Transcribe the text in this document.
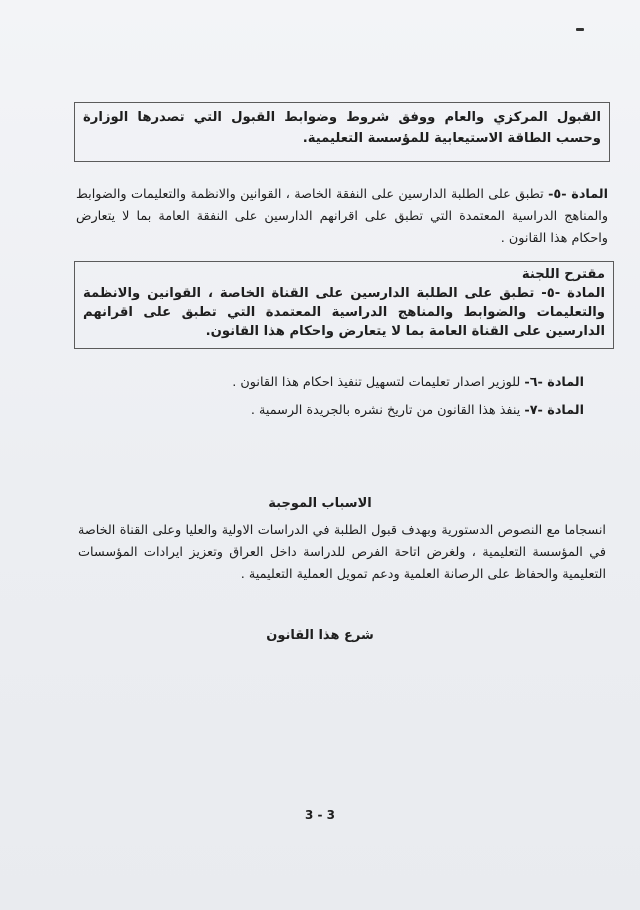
القبول المركزي والعام ووفق شروط وضوابط القبول التي تصدرها الوزارة وحسب الطاقة الاستيعابية للمؤسسة التعليمية.
المادة -٥- تطبق على الطلبة الدارسين على النفقة الخاصة ، القوانين والانظمة والتعليمات والضوابط والمناهج الدراسية المعتمدة التي تطبق على اقرانهم الدارسين على النفقة العامة بما لا يتعارض واحكام هذا القانون .
مقترح اللجنة
المادة -٥- تطبق على الطلبة الدارسين على القناة الخاصة ، القوانين والانظمة والتعليمات والضوابط والمناهج الدراسية المعتمدة التي تطبق على اقرانهم الدارسين على القناة العامة بما لا يتعارض واحكام هذا القانون.
المادة -٦- للوزير اصدار تعليمات لتسهيل تنفيذ احكام هذا القانون .
المادة -٧- ينفذ هذا القانون من تاريخ نشره بالجريدة الرسمية .
الاسباب الموجبة
انسجاما مع النصوص الدستورية وبهدف قبول الطلبة في الدراسات الاولية والعليا وعلى القناة الخاصة في المؤسسة التعليمية ، ولغرض اتاحة الفرص للدراسة داخل العراق وتعزيز ايرادات المؤسسات التعليمية والحفاظ على الرصانة العلمية ودعم تمويل العملية التعليمية .
شرع هذا القانون
3 - 3
